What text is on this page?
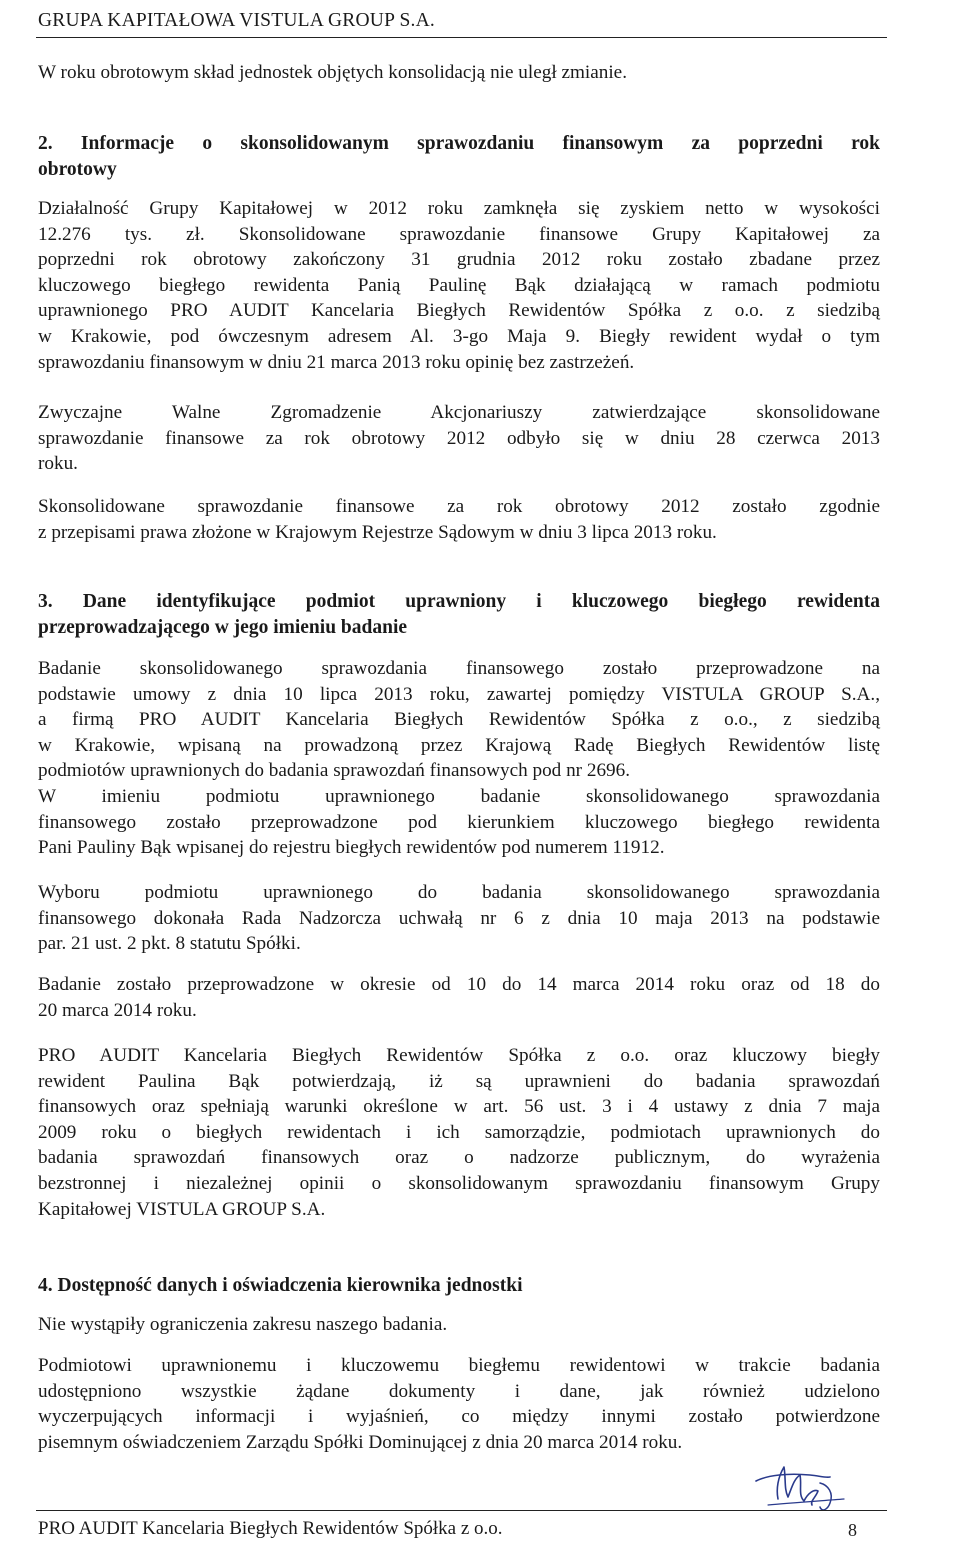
GRUPA KAPITAŁOWA VISTULA GROUP S.A.

W roku obrotowym skład jednostek objętych konsolidacją nie uległ zmianie.

2. Informacje o skonsolidowanym sprawozdaniu finansowym za poprzedni rok
obrotowy

Działalność Grupy Kapitałowej w 2012 roku zamknęła się zyskiem netto w wysokości
12.276 tys. zł. Skonsolidowane sprawozdanie finansowe Grupy Kapitałowej za
poprzedni rok obrotowy zakończony 31 grudnia 2012 roku zostało zbadane przez
kluczowego biegłego rewidenta Panią Paulinę Bąk działającą w ramach podmiotu
uprawnionego PRO AUDIT Kancelaria Biegłych Rewidentów Spółka z o.o. z siedzibą
w Krakowie, pod ówczesnym adresem Al. 3-go Maja 9. Biegły rewident wydał o tym
sprawozdaniu finansowym w dniu 21 marca 2013 roku opinię bez zastrzeżeń.

Zwyczajne Walne Zgromadzenie Akcjonariuszy zatwierdzające skonsolidowane
sprawozdanie finansowe za rok obrotowy 2012 odbyło się w dniu 28 czerwca 2013
roku.

Skonsolidowane sprawozdanie finansowe za rok obrotowy 2012 zostało zgodnie
z przepisami prawa złożone w Krajowym Rejestrze Sądowym w dniu 3 lipca 2013 roku.

3. Dane identyfikujące podmiot uprawniony i kluczowego biegłego rewidenta
przeprowadzającego w jego imieniu badanie

Badanie skonsolidowanego sprawozdania finansowego zostało przeprowadzone na
podstawie umowy z dnia 10 lipca 2013 roku, zawartej pomiędzy VISTULA GROUP S.A.,
a firmą PRO AUDIT Kancelaria Biegłych Rewidentów Spółka z o.o., z siedzibą
w Krakowie, wpisaną na prowadzoną przez Krajową Radę Biegłych Rewidentów listę
podmiotów uprawnionych do badania sprawozdań finansowych pod nr 2696.

W imieniu podmiotu uprawnionego badanie skonsolidowanego sprawozdania
finansowego zostało przeprowadzone pod kierunkiem kluczowego biegłego rewidenta
Pani Pauliny Bąk wpisanej do rejestru biegłych rewidentów pod numerem 11912.

Wyboru podmiotu uprawnionego do badania skonsolidowanego sprawozdania
finansowego dokonała Rada Nadzorcza uchwałą nr 6 z dnia 10 maja 2013 na podstawie
par. 21 ust. 2 pkt. 8 statutu Spółki.

Badanie zostało przeprowadzone w okresie od 10 do 14 marca 2014 roku oraz od 18 do
20 marca 2014 roku.

PRO AUDIT Kancelaria Biegłych Rewidentów Spółka z o.o. oraz kluczowy biegły
rewident Paulina Bąk potwierdzają, iż są uprawnieni do badania sprawozdań
finansowych oraz spełniają warunki określone w art. 56 ust. 3 i 4 ustawy z dnia 7 maja
2009 roku o biegłych rewidentach i ich samorządzie, podmiotach uprawnionych do
badania sprawozdań finansowych oraz o nadzorze publicznym, do wyrażenia
bezstronnej i niezależnej opinii o skonsolidowanym sprawozdaniu finansowym Grupy
Kapitałowej VISTULA GROUP S.A.

4. Dostępność danych i oświadczenia kierownika jednostki

Nie wystąpiły ograniczenia zakresu naszego badania.

Podmiotowi uprawnionemu i kluczowemu biegłemu rewidentowi w trakcie badania
udostępniono wszystkie żądane dokumenty i dane, jak również udzielono
wyczerpujących informacji i wyjaśnień, co między innymi zostało potwierdzone
pisemnym oświadczeniem Zarządu Spółki Dominującej z dnia 20 marca 2014 roku.

PRO AUDIT Kancelaria Biegłych Rewidentów Spółka z o.o.	8
